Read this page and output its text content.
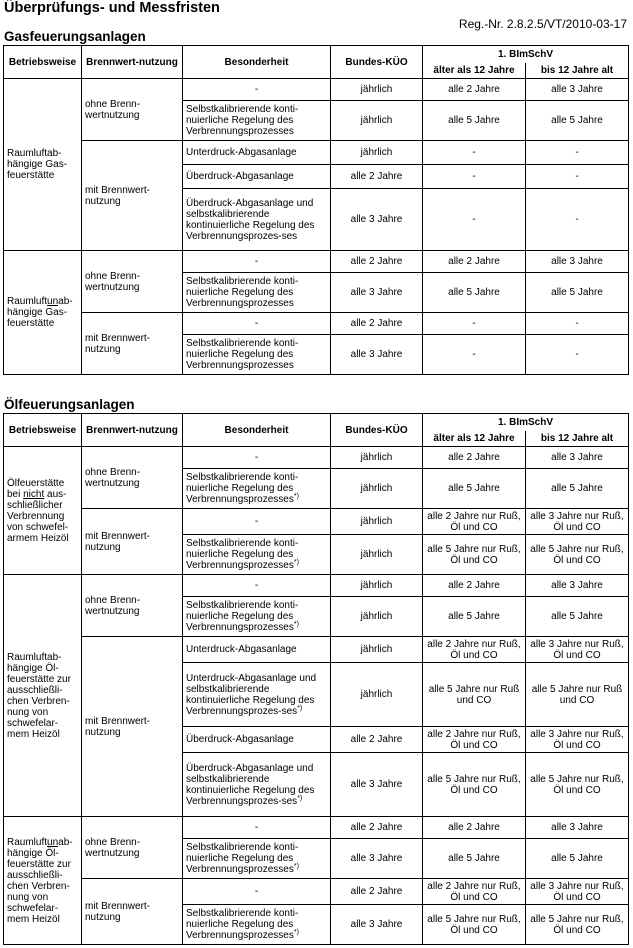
Überprüfungs- und Messfristen
Reg.-Nr. 2.8.2.5/VT/2010-03-17
Gasfeuerungsanlagen
Betriebsweise	Brennwert-nutzung	Besonderheit	Bundes-KÜO	1. BImSchV	
				älter als 12 Jahre	bis 12 Jahre alt
Raumluftab-hängige Gas-feuerstätte	ohne Brenn-wertnutzung	-	jährlich	alle 2 Jahre	alle 3 Jahre
		Selbstkalibrierende konti-nuierliche Regelung des Verbrennungsprozesses	jährlich	alle 5 Jahre	alle 5 Jahre
	mit Brennwert-nutzung	Unterdruck-Abgasanlage	jährlich	-	-
		Überdruck-Abgasanlage	alle 2 Jahre	-	-
		Überdruck-Abgasanlage und selbstkalibrierende kontinuierliche Regelung des Verbrennungsprozes-ses	alle 3 Jahre	-	-
Raumluftunab-hängige Gas-feuerstätte	ohne Brenn-wertnutzung	-	alle 2 Jahre	alle 2 Jahre	alle 3 Jahre
		Selbstkalibrierende konti-nuierliche Regelung des Verbrennungsprozesses	alle 3 Jahre	alle 5 Jahre	alle 5 Jahre
	mit Brennwert-nutzung	-	alle 2 Jahre	-	-
		Selbstkalibrierende konti-nuierliche Regelung des Verbrennungsprozesses	alle 3 Jahre	-	-
Ölfeuerungsanlagen
Betriebsweise	Brennwert-nutzung	Besonderheit	Bundes-KÜO	1. BImSchV	
				älter als 12 Jahre	bis 12 Jahre alt
Ölfeuerstätte bei nicht aus-schließlicher Verbrennung von schwefel-armem Heizöl	ohne Brenn-wertnutzung	-	jährlich	alle 2 Jahre	alle 3 Jahre
		Selbstkalibrierende konti-nuierliche Regelung des Verbrennungsprozesses*)	jährlich	alle 5 Jahre	alle 5 Jahre
	mit Brennwert-nutzung	-	jährlich	alle 2 Jahre nur Ruß, Öl und CO	alle 3 Jahre nur Ruß, Öl und CO
		Selbstkalibrierende konti-nuierliche Regelung des Verbrennungsprozesses*)	jährlich	alle 5 Jahre nur Ruß, Öl und CO	alle 5 Jahre nur Ruß, Öl und CO
Raumluftab-hängige Öl-feuerstätte zur ausschließli-chen Verbren-nung von schwefelar-mem Heizöl	ohne Brenn-wertnutzung	-	jährlich	alle 2 Jahre	alle 3 Jahre
		Selbstkalibrierende konti-nuierliche Regelung des Verbrennungsprozesses*)	jährlich	alle 5 Jahre	alle 5 Jahre
	mit Brennwert-nutzung	Unterdruck-Abgasanlage	jährlich	alle 2 Jahre nur Ruß, Öl und CO	alle 3 Jahre nur Ruß, Öl und CO
		Unterdruck-Abgasanlage und selbstkalibrierende kontinuierliche Regelung des Verbrennungsprozes-ses*)	jährlich	alle 5 Jahre nur Ruß und CO	alle 5 Jahre nur Ruß und CO
		Überdruck-Abgasanlage	alle 2 Jahre	alle 2 Jahre nur Ruß, Öl und CO	alle 3 Jahre nur Ruß, Öl und CO
		Überdruck-Abgasanlage und selbstkalibrierende kontinuierliche Regelung des Verbrennungsprozes-ses*)	alle 3 Jahre	alle 5 Jahre nur Ruß, Öl und CO	alle 5 Jahre nur Ruß, Öl und CO
Raumluftunab-hängige Öl-feuerstätte zur ausschließli-chen Verbren-nung von schwefelar-mem Heizöl	ohne Brenn-wertnutzung	-	alle 2 Jahre	alle 2 Jahre	alle 3 Jahre
		Selbstkalibrierende konti-nuierliche Regelung des Verbrennungsprozesses*)	alle 3 Jahre	alle 5 Jahre	alle 5 Jahre
	mit Brennwert-nutzung	-	alle 2 Jahre	alle 2 Jahre nur Ruß, Öl und CO	alle 3 Jahre nur Ruß, Öl und CO
		Selbstkalibrierende konti-nuierliche Regelung des Verbrennungsprozesses*)	alle 3 Jahre	alle 5 Jahre nur Ruß, Öl und CO	alle 5 Jahre nur Ruß, Öl und CO
